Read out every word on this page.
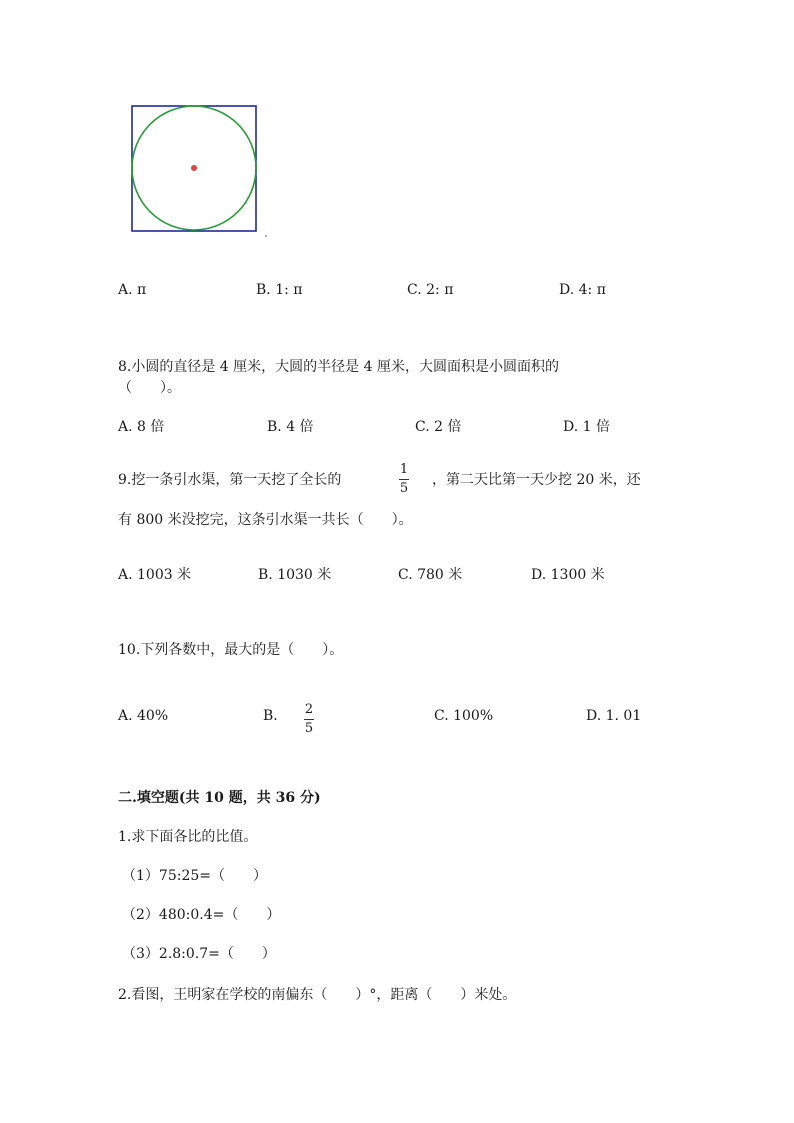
A. π	B. 1: π	C. 2: π	D. 4: π
8.小圆的直径是 4 厘米，大圆的半径是 4 厘米，大圆面积是小圆面积的
（　　）。
A. 8 倍	B. 4 倍	C. 2 倍	D. 1 倍
9.挖一条引水渠，第一天挖了全长的
1
5
，第二天比第一天少挖 20 米，还
有 800 米没挖完，这条引水渠一共长（　　）。
A. 1003 米	B. 1030 米	C. 780 米	D. 1300 米
10.下列各数中，最大的是（　　）。
A. 40%	B. 2
5
C. 100%	D. 1. 01
二.填空题(共 10 题，共 36 分)
1.求下面各比的比值。
（1）75:25=（　　）
（2）480:0.4=（　　）
（3）2.8:0.7=（　　）
2.看图，王明家在学校的南偏东（　　）°，距离（　　）米处。
